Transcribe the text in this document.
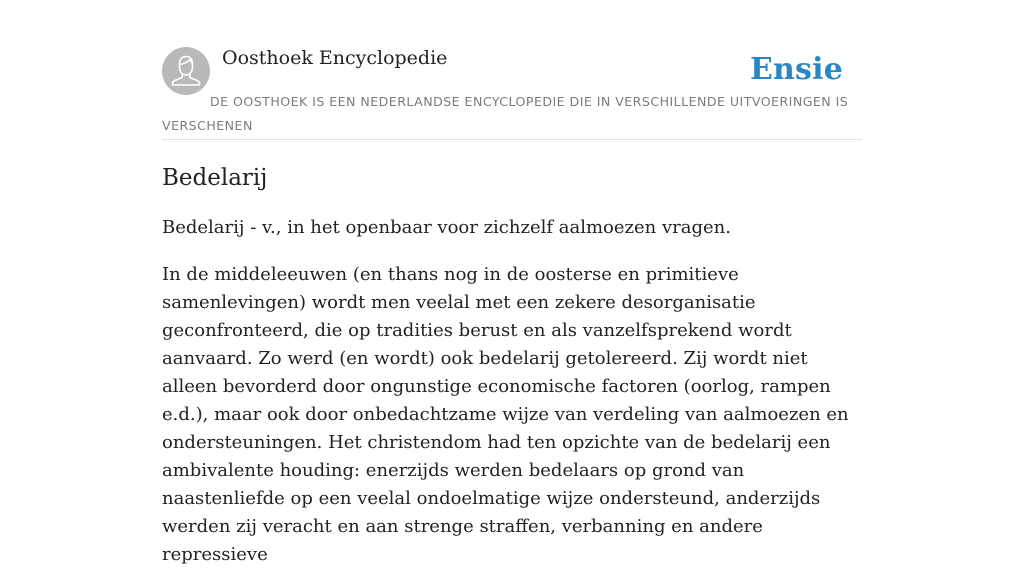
Oosthoek Encyclopedie	Ensie

DE OOSTHOEK IS EEN NEDERLANDSE ENCYCLOPEDIE DIE IN VERSCHILLENDE UITVOERINGEN IS VERSCHENEN

Bedelarij

Bedelarij - v., in het openbaar voor zichzelf aalmoezen vragen.

In de middeleeuwen (en thans nog in de oosterse en primitieve samenlevingen) wordt men veelal met een zekere desorganisatie geconfronteerd, die op tradities berust en als vanzelfsprekend wordt aanvaard. Zo werd (en wordt) ook bedelarij getolereerd. Zij wordt niet alleen bevorderd door ongunstige economische factoren (oorlog, rampen e.d.), maar ook door onbedachtzame wijze van verdeling van aalmoezen en ondersteuningen. Het christendom had ten opzichte van de bedelarij een ambivalente houding: enerzijds werden bedelaars op grond van naastenliefde op een veelal ondoelmatige wijze ondersteund, anderzijds werden zij veracht en aan strenge straffen, verbanning en andere repressieve
